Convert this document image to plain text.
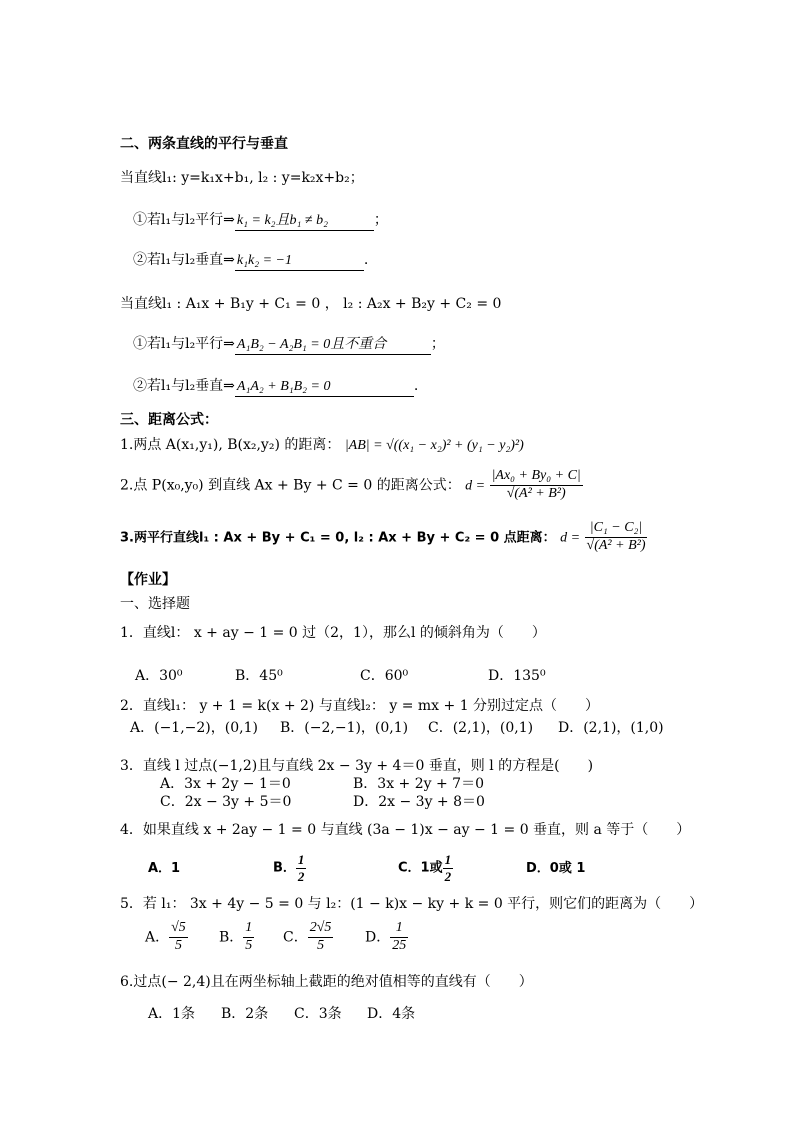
二、两条直线的平行与垂直
当直线l₁: y=k₁x+b₁, l₂ : y=k₂x+b₂；
①若l₁与l₂平行⇒ k₁ = k₂且b₁ ≠ b₂	；
②若l₁与l₂垂直⇒ k₁k₂ = −1	.
当直线l₁ : A₁x + B₁y + C₁ = 0 ， l₂ : A₂x + B₂y + C₂ = 0
①若l₁与l₂平行⇒ A₁B₂ − A₂B₁ = 0且不重合	；
②若l₁与l₂垂直⇒ A₁A₂ + B₁B₂ = 0	.
三、距离公式：
1.两点 A(x₁,y₁), B(x₂,y₂) 的距离： |AB| = √((x₁ − x₂)² + (y₁ − y₂)²)
2.点 P(x₀,y₀) 到直线 Ax + By + C = 0 的距离公式： $d = \frac{\text{|Ax₀ + By₀ + C|}}{\text{√(A² + B²)}}$
3.两平行直线l₁ : Ax + By + C₁ = 0, l₂ : Ax + By + C₂ = 0 点距离： $d = \frac{\text{|C₁ − C₂|}}{\text{√(A² + B²)}}$
【作业】
一、选择题
1．直线l： x + ay − 1 = 0 过（2，1），那么l 的倾斜角为（　　）
A．30⁰	B．45⁰	C．60⁰	D．135⁰
2．直线l₁： y + 1 = k(x + 2) 与直线l₂： y = mx + 1 分别过定点（　　）
A．(−1,−2)，(0,1) B．(−2,−1)，(0,1) C．(2,1)，(0,1) D．(2,1)，(1,0)
3．直线 l 过点(−1,2)且与直线 2x − 3y + 4＝0 垂直，则 l 的方程是(　　)
A．3x + 2y − 1＝0	B．3x + 2y + 7＝0
C．2x − 3y + 5＝0	D．2x − 3y + 8＝0
4．如果直线 x + 2ay − 1 = 0 与直线 (3a − 1)x − ay − 1 = 0 垂直，则 a 等于（　　）
A．1	B． $\frac{1}{2}$	C．1或 $\frac{1}{2}$	D．0或 1
5．若 l₁： 3x + 4y − 5 = 0 与 l₂：(1 − k)x − ky + k = 0 平行，则它们的距离为（　　）
A． $\frac{√5}{5}$ B． $\frac{1}{5}$ C． $\frac{2√5}{5}$ D． $\frac{1}{25}$
6.过点(− 2,4)且在两坐标轴上截距的绝对值相等的直线有（　　）
A．1条 B．2条 C．3条 D．4条
